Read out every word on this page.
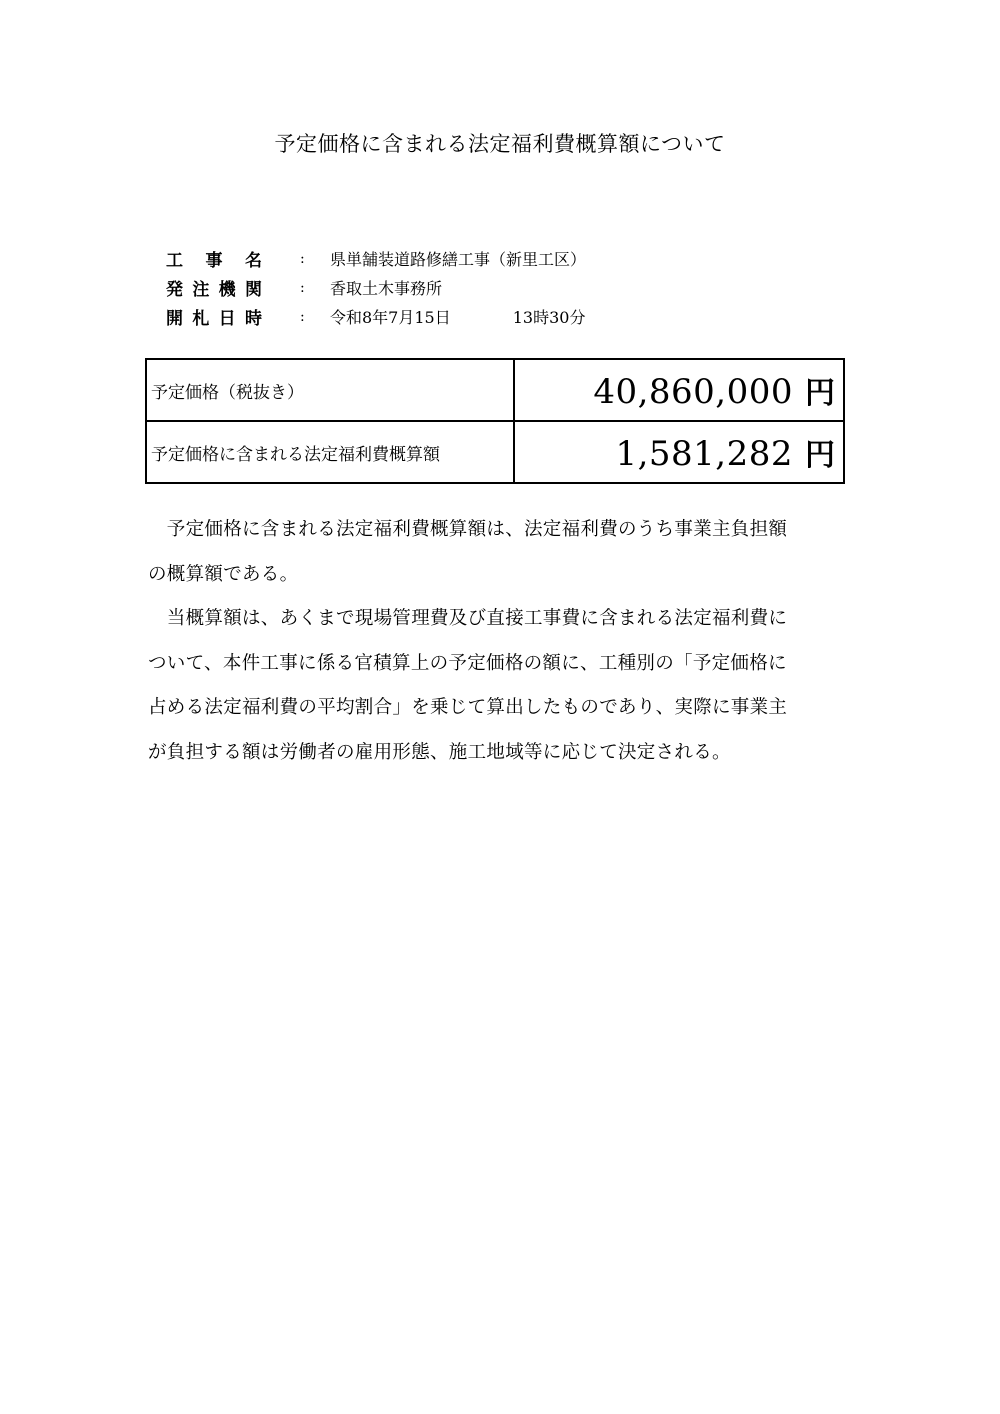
予定価格に含まれる法定福利費概算額について
工 事 名	:	県単舗装道路修繕工事（新里工区）
発 注 機 関	:	香取土木事務所
開 札 日 時	:	令和8年7月15日	13時30分
予定価格（税抜き）	40,860,000 円
予定価格に含まれる法定福利費概算額	1,581,282 円

　予定価格に含まれる法定福利費概算額は、法定福利費のうち事業主負担額

の概算額である。

　当概算額は、あくまで現場管理費及び直接工事費に含まれる法定福利費に

ついて、本件工事に係る官積算上の予定価格の額に、工種別の「予定価格に

占める法定福利費の平均割合」を乗じて算出したものであり、実際に事業主

が負担する額は労働者の雇用形態、施工地域等に応じて決定される。
